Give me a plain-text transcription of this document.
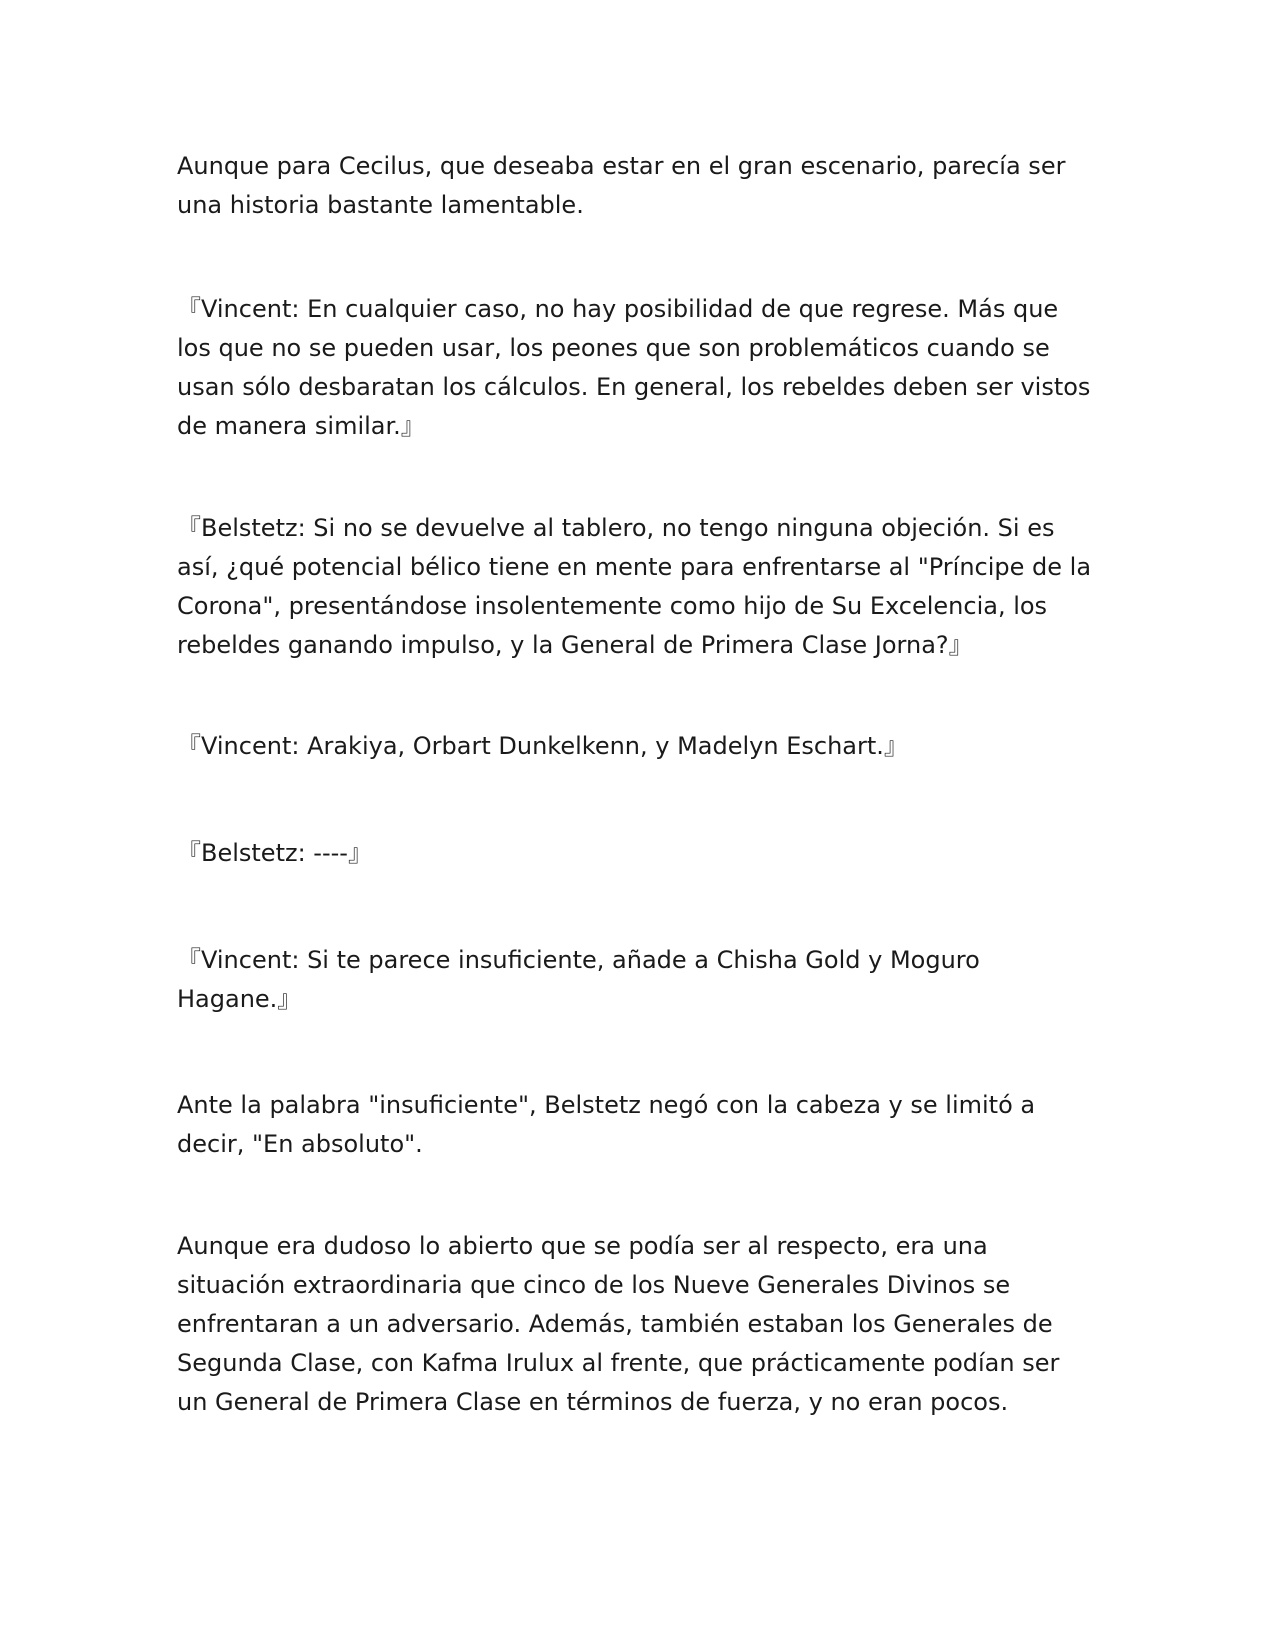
Aunque para Cecilus, que deseaba estar en el gran escenario, parecía ser una historia bastante lamentable.

『Vincent: En cualquier caso, no hay posibilidad de que regrese. Más que los que no se pueden usar, los peones que son problemáticos cuando se usan sólo desbaratan los cálculos. En general, los rebeldes deben ser vistos de manera similar.』

『Belstetz: Si no se devuelve al tablero, no tengo ninguna objeción. Si es así, ¿qué potencial bélico tiene en mente para enfrentarse al "Príncipe de la Corona", presentándose insolentemente como hijo de Su Excelencia, los rebeldes ganando impulso, y la General de Primera Clase Jorna?』

『Vincent: Arakiya, Orbart Dunkelkenn, y Madelyn Eschart.』

『Belstetz: ----』

『Vincent: Si te parece insuficiente, añade a Chisha Gold y Moguro Hagane.』

Ante la palabra "insuficiente", Belstetz negó con la cabeza y se limitó a decir, "En absoluto".

Aunque era dudoso lo abierto que se podía ser al respecto, era una situación extraordinaria que cinco de los Nueve Generales Divinos se enfrentaran a un adversario. Además, también estaban los Generales de Segunda Clase, con Kafma Irulux al frente, que prácticamente podían ser un General de Primera Clase en términos de fuerza, y no eran pocos.
